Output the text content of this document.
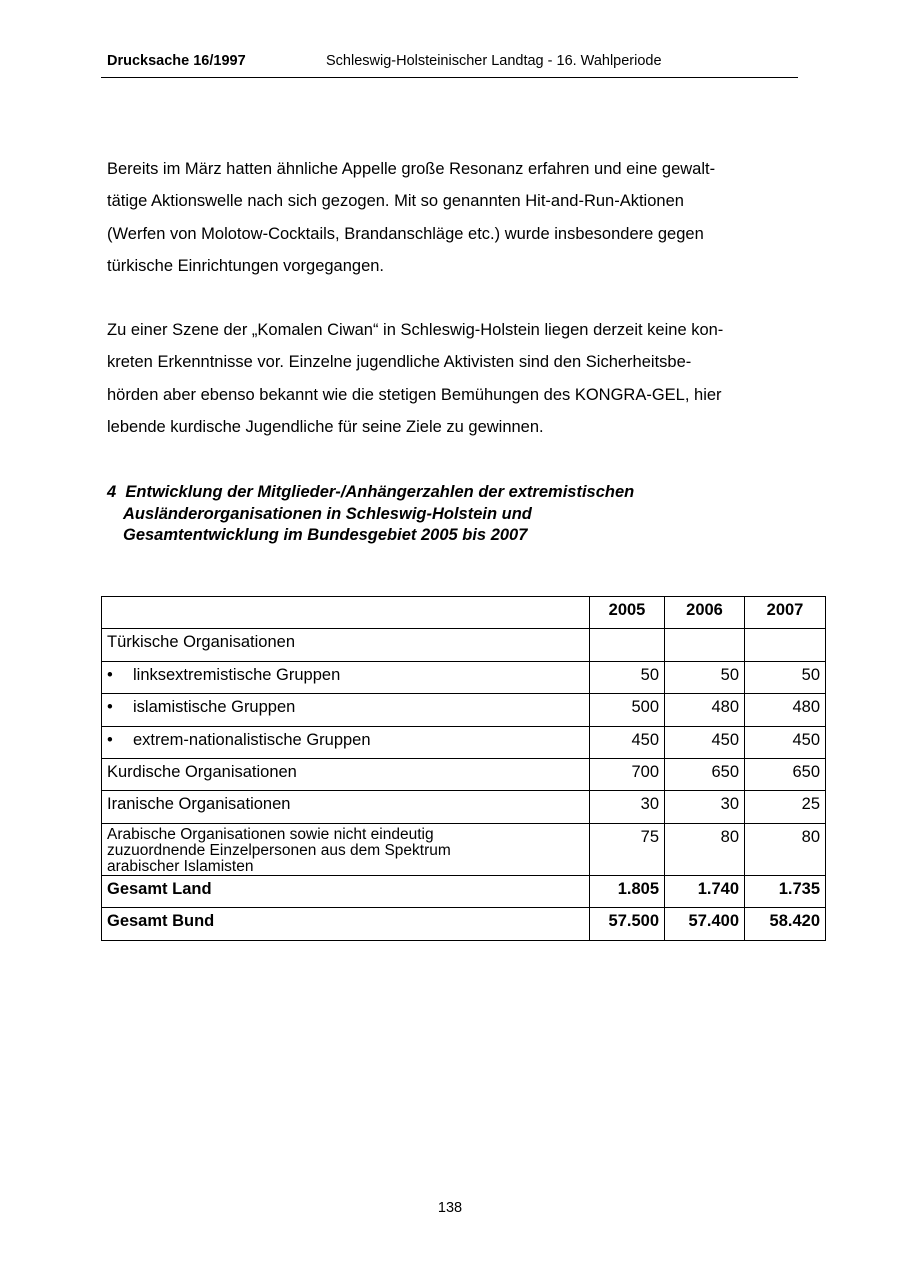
Drucksache 16/1997	Schleswig-Holsteinischer Landtag - 16. Wahlperiode
Bereits im März hatten ähnliche Appelle große Resonanz erfahren und eine gewalt-
tätige Aktionswelle nach sich gezogen. Mit so genannten Hit-and-Run-Aktionen
(Werfen von Molotow-Cocktails, Brandanschläge etc.) wurde insbesondere gegen
türkische Einrichtungen vorgegangen.
Zu einer Szene der „Komalen Ciwan“ in Schleswig-Holstein liegen derzeit keine kon-
kreten Erkenntnisse vor. Einzelne jugendliche Aktivisten sind den Sicherheitsbe-
hörden aber ebenso bekannt wie die stetigen Bemühungen des KONGRA-GEL, hier
lebende kurdische Jugendliche für seine Ziele zu gewinnen.
4 Entwicklung der Mitglieder-/Anhängerzahlen der extremistischen
Ausländerorganisationen in Schleswig-Holstein und
Gesamtentwicklung im Bundesgebiet 2005 bis 2007
	2005	2006	2007
Türkische Organisationen			
• linksextremistische Gruppen	50	50	50
• islamistische Gruppen	500	480	480
• extrem-nationalistische Gruppen	450	450	450
Kurdische Organisationen	700	650	650
Iranische Organisationen	30	30	25

Arabische Organisationen sowie nicht eindeutig
zuzuordnende Einzelpersonen aus dem Spektrum
arabischer Islamisten	75	80	80
Gesamt Land	1.805	1.740	1.735
Gesamt Bund	57.500	57.400	58.420
138
